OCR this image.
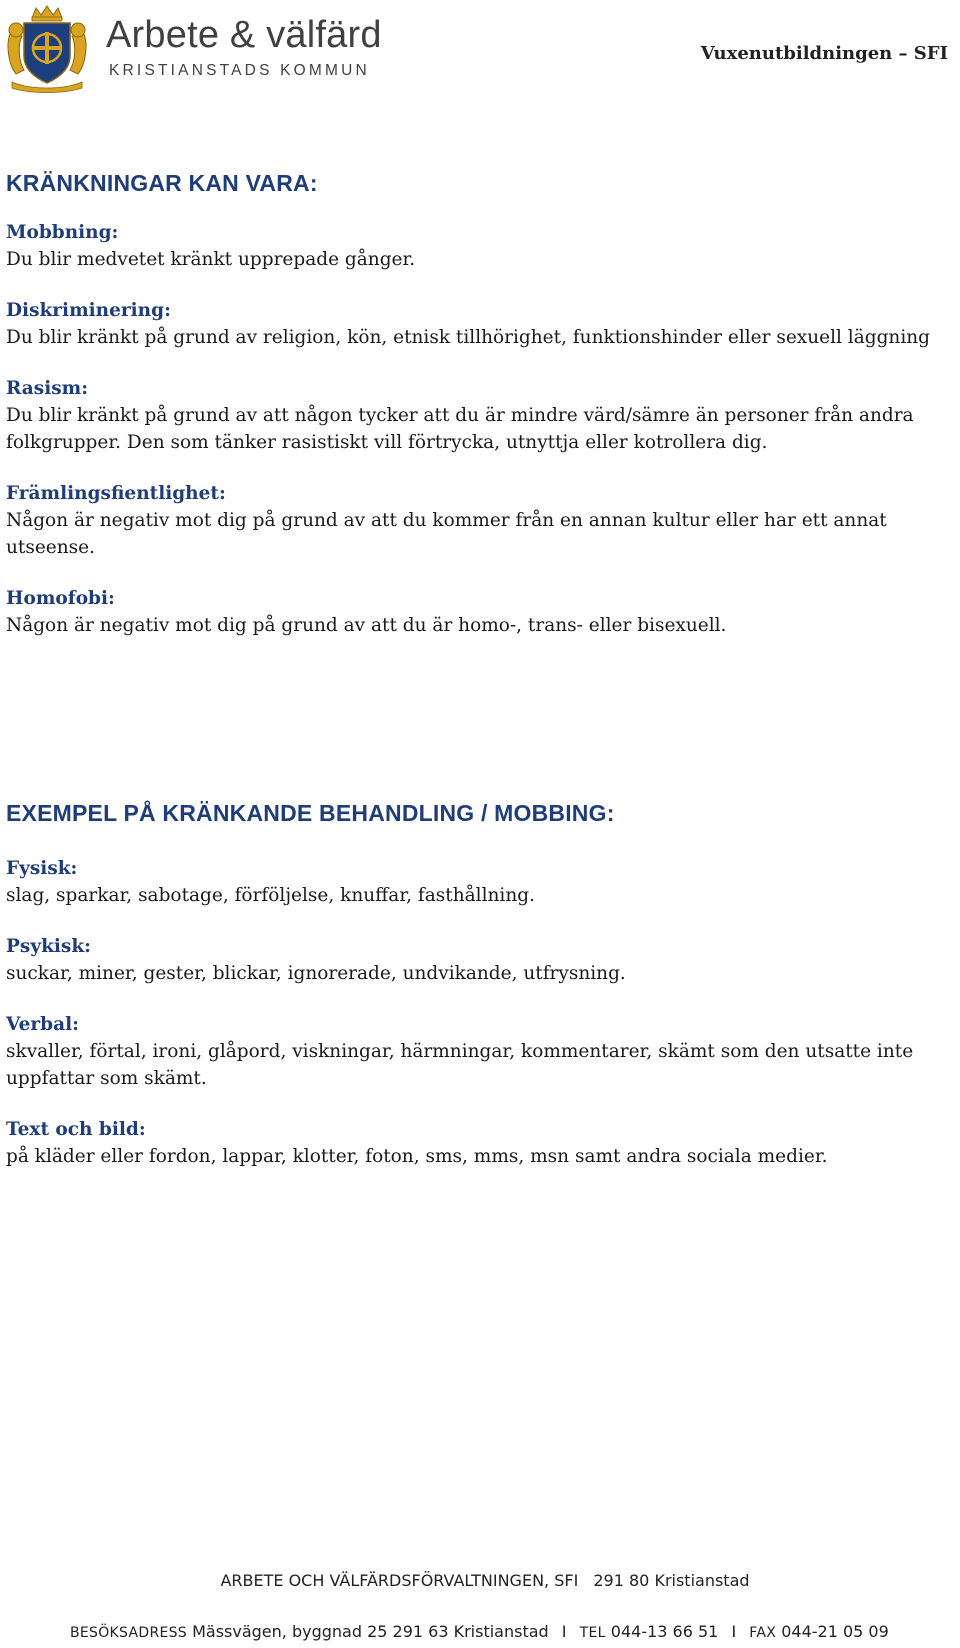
Arbete & välfärd
KRISTIANSTADS KOMMUN
Vuxenutbildningen – SFI
KRÄNKNINGAR KAN VARA:
Mobbning:
Du blir medvetet kränkt upprepade gånger.
Diskriminering:
Du blir kränkt på grund av religion, kön, etnisk tillhörighet, funktionshinder eller sexuell läggning
Rasism:
Du blir kränkt på grund av att någon tycker att du är mindre värd/sämre än personer från andra folkgrupper. Den som tänker rasistiskt vill förtrycka, utnyttja eller kotrollera dig.
Främlingsfientlighet:
Någon är negativ mot dig på grund av att du kommer från en annan kultur eller har ett annat utseense.
Homofobi:
Någon är negativ mot dig på grund av att du är homo-, trans- eller bisexuell.
EXEMPEL PÅ KRÄNKANDE BEHANDLING / MOBBING:
Fysisk:
slag, sparkar, sabotage, förföljelse, knuffar, fasthållning.
Psykisk:
suckar, miner, gester, blickar, ignorerade, undvikande, utfrysning.
Verbal:
skvaller, förtal, ironi, glåpord, viskningar, härmningar, kommentarer, skämt som den utsatte inte uppfattar som skämt.
Text och bild:
på kläder eller fordon, lappar, klotter, foton, sms, mms, msn samt andra sociala medier.
ARBETE OCH VÄLFÄRDSFÖRVALTNINGEN, SFI 291 80 Kristianstad
BESÖKSADRESS Mässvägen, byggnad 25 291 63 Kristianstad I TEL 044-13 66 51 I FAX 044-21 05 09
